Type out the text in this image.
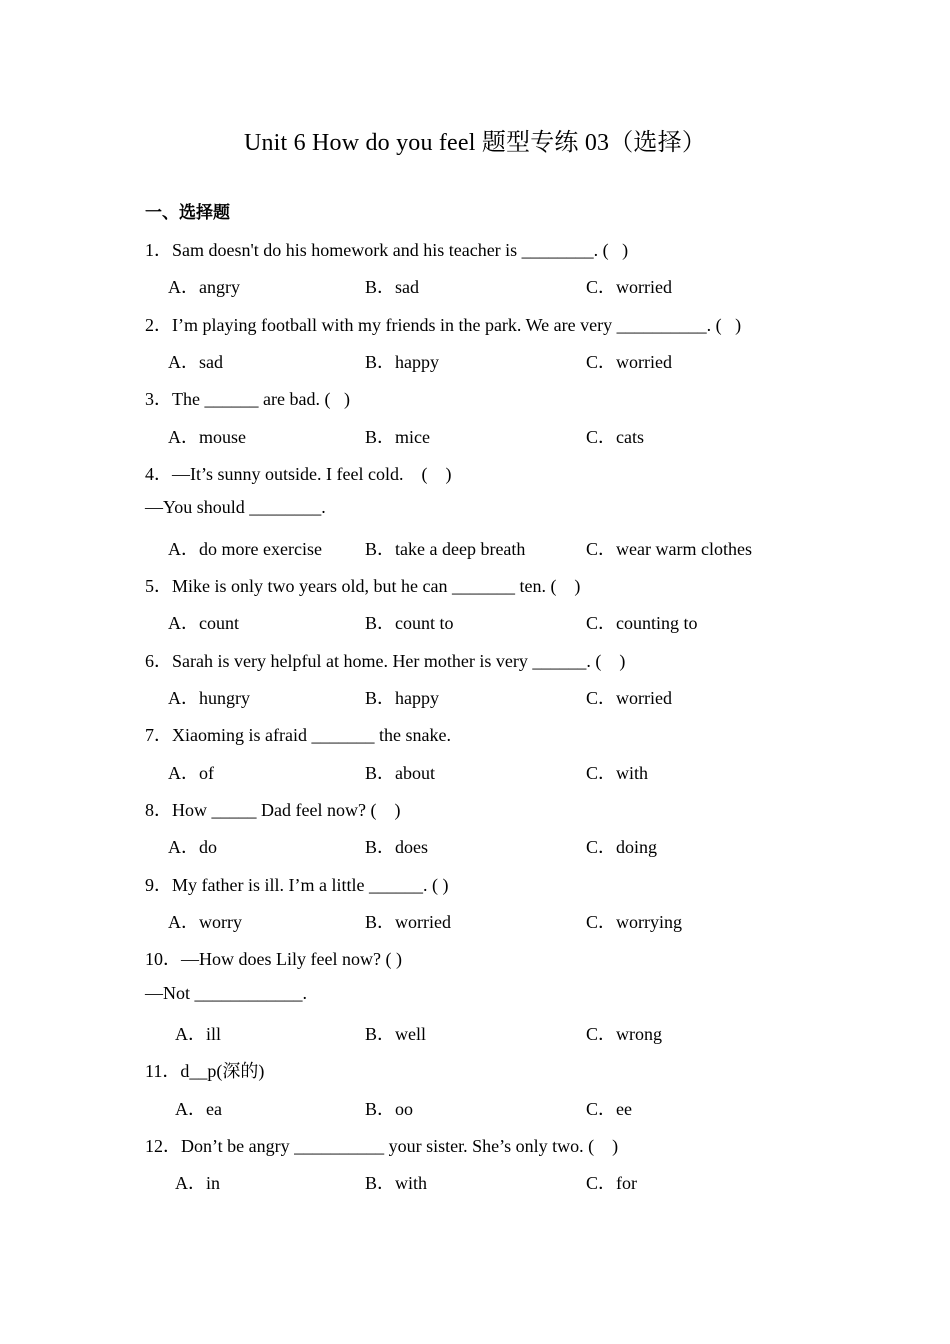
Unit 6 How do you feel 题型专练 03（选择）
一、选择题
1．Sam doesn't do his homework and his teacher is ________. (   )
A．angry	B．sad	C．worried
2．I’m playing football with my friends in the park. We are very __________. (   )
A．sad	B．happy	C．worried
3．The ______ are bad. (   )
A．mouse	B．mice	C．cats
4．—It’s sunny outside. I feel cold.    (    )
—You should ________.
A．do more exercise B．take a deep breath	C．wear warm clothes
5．Mike is only two years old, but he can _______ ten. (    )
A．count	B．count to	C．counting to
6．Sarah is very helpful at home. Her mother is very ______. (    )
A．hungry	B．happy	C．worried
7．Xiaoming is afraid _______ the snake.
A．of	B．about	C．with
8．How _____ Dad feel now? (    )
A．do	B．does	C．doing
9．My father is ill. I’m a little ______. ( )
A．worry	B．worried	C．worrying
10．—How does Lily feel now? ( )
—Not ____________.
A．ill	B．well	C．wrong
11．d__p(深的)
A．ea	B．oo	C．ee
12．Don’t be angry __________ your sister. She’s only two. (    )
A．in	B．with	C．for
